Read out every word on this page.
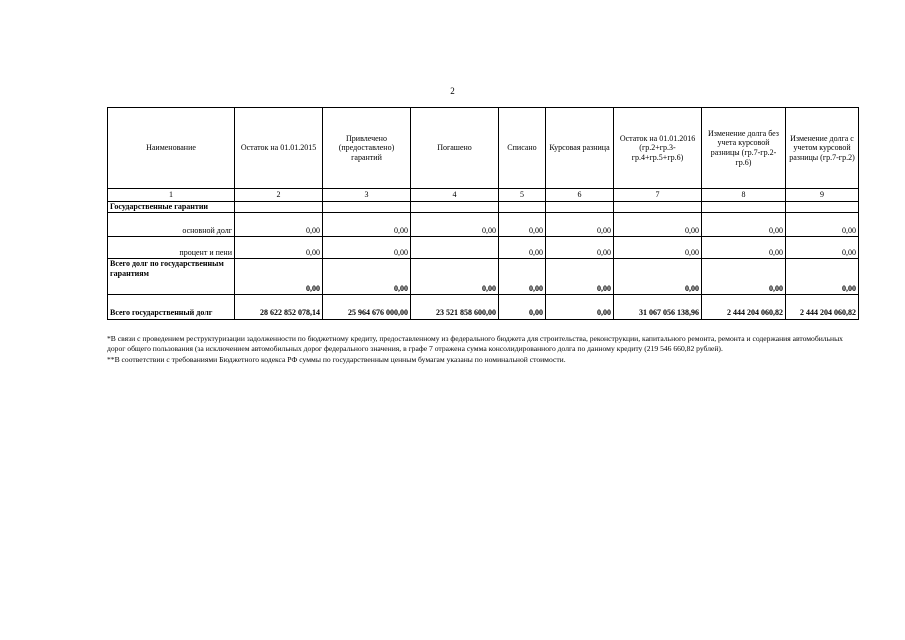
2
Наименование	Остаток на 01.01.2015	Привлечено (предоставлено) гарантий	Погашено	Списано	Курсовая разница	Остаток на 01.01.2016 (гр.2+гр.3-гр.4+гр.5+гр.6)	Изменение долга без учета курсовой разницы (гр.7-гр.2-гр.6)	Изменение долга с учетом курсовой разницы (гр.7-гр.2)
1	2	3	4	5	6	7	8	9
Государственные гарантии								
основной долг	0,00	0,00	0,00	0,00	0,00	0,00	0,00	0,00
процент и пени	0,00	0,00		0,00	0,00	0,00	0,00	0,00
Всего долг по государственным гарантиям	0,00	0,00	0,00	0,00	0,00	0,00	0,00	0,00
Всего государственный долг	28 622 852 078,14	25 964 676 000,00	23 521 858 600,00	0,00	0,00	31 067 056 138,96	2 444 204 060,82	2 444 204 060,82

*В связи с проведением реструктуризации задолженности по бюджетному кредиту, предоставленному из федерального бюджета для строительства, реконструкции, капитального ремонта, ремонта и содержания автомобильных дорог общего пользования (за исключением автомобильных дорог федерального значения, в графе 7 отражена сумма консолидированного долга по данному кредиту (219 546 660,82 рублей).

**В соответствии с требованиями Бюджетного кодекса РФ суммы по государственным ценным бумагам указаны по номинальной стоимости.
